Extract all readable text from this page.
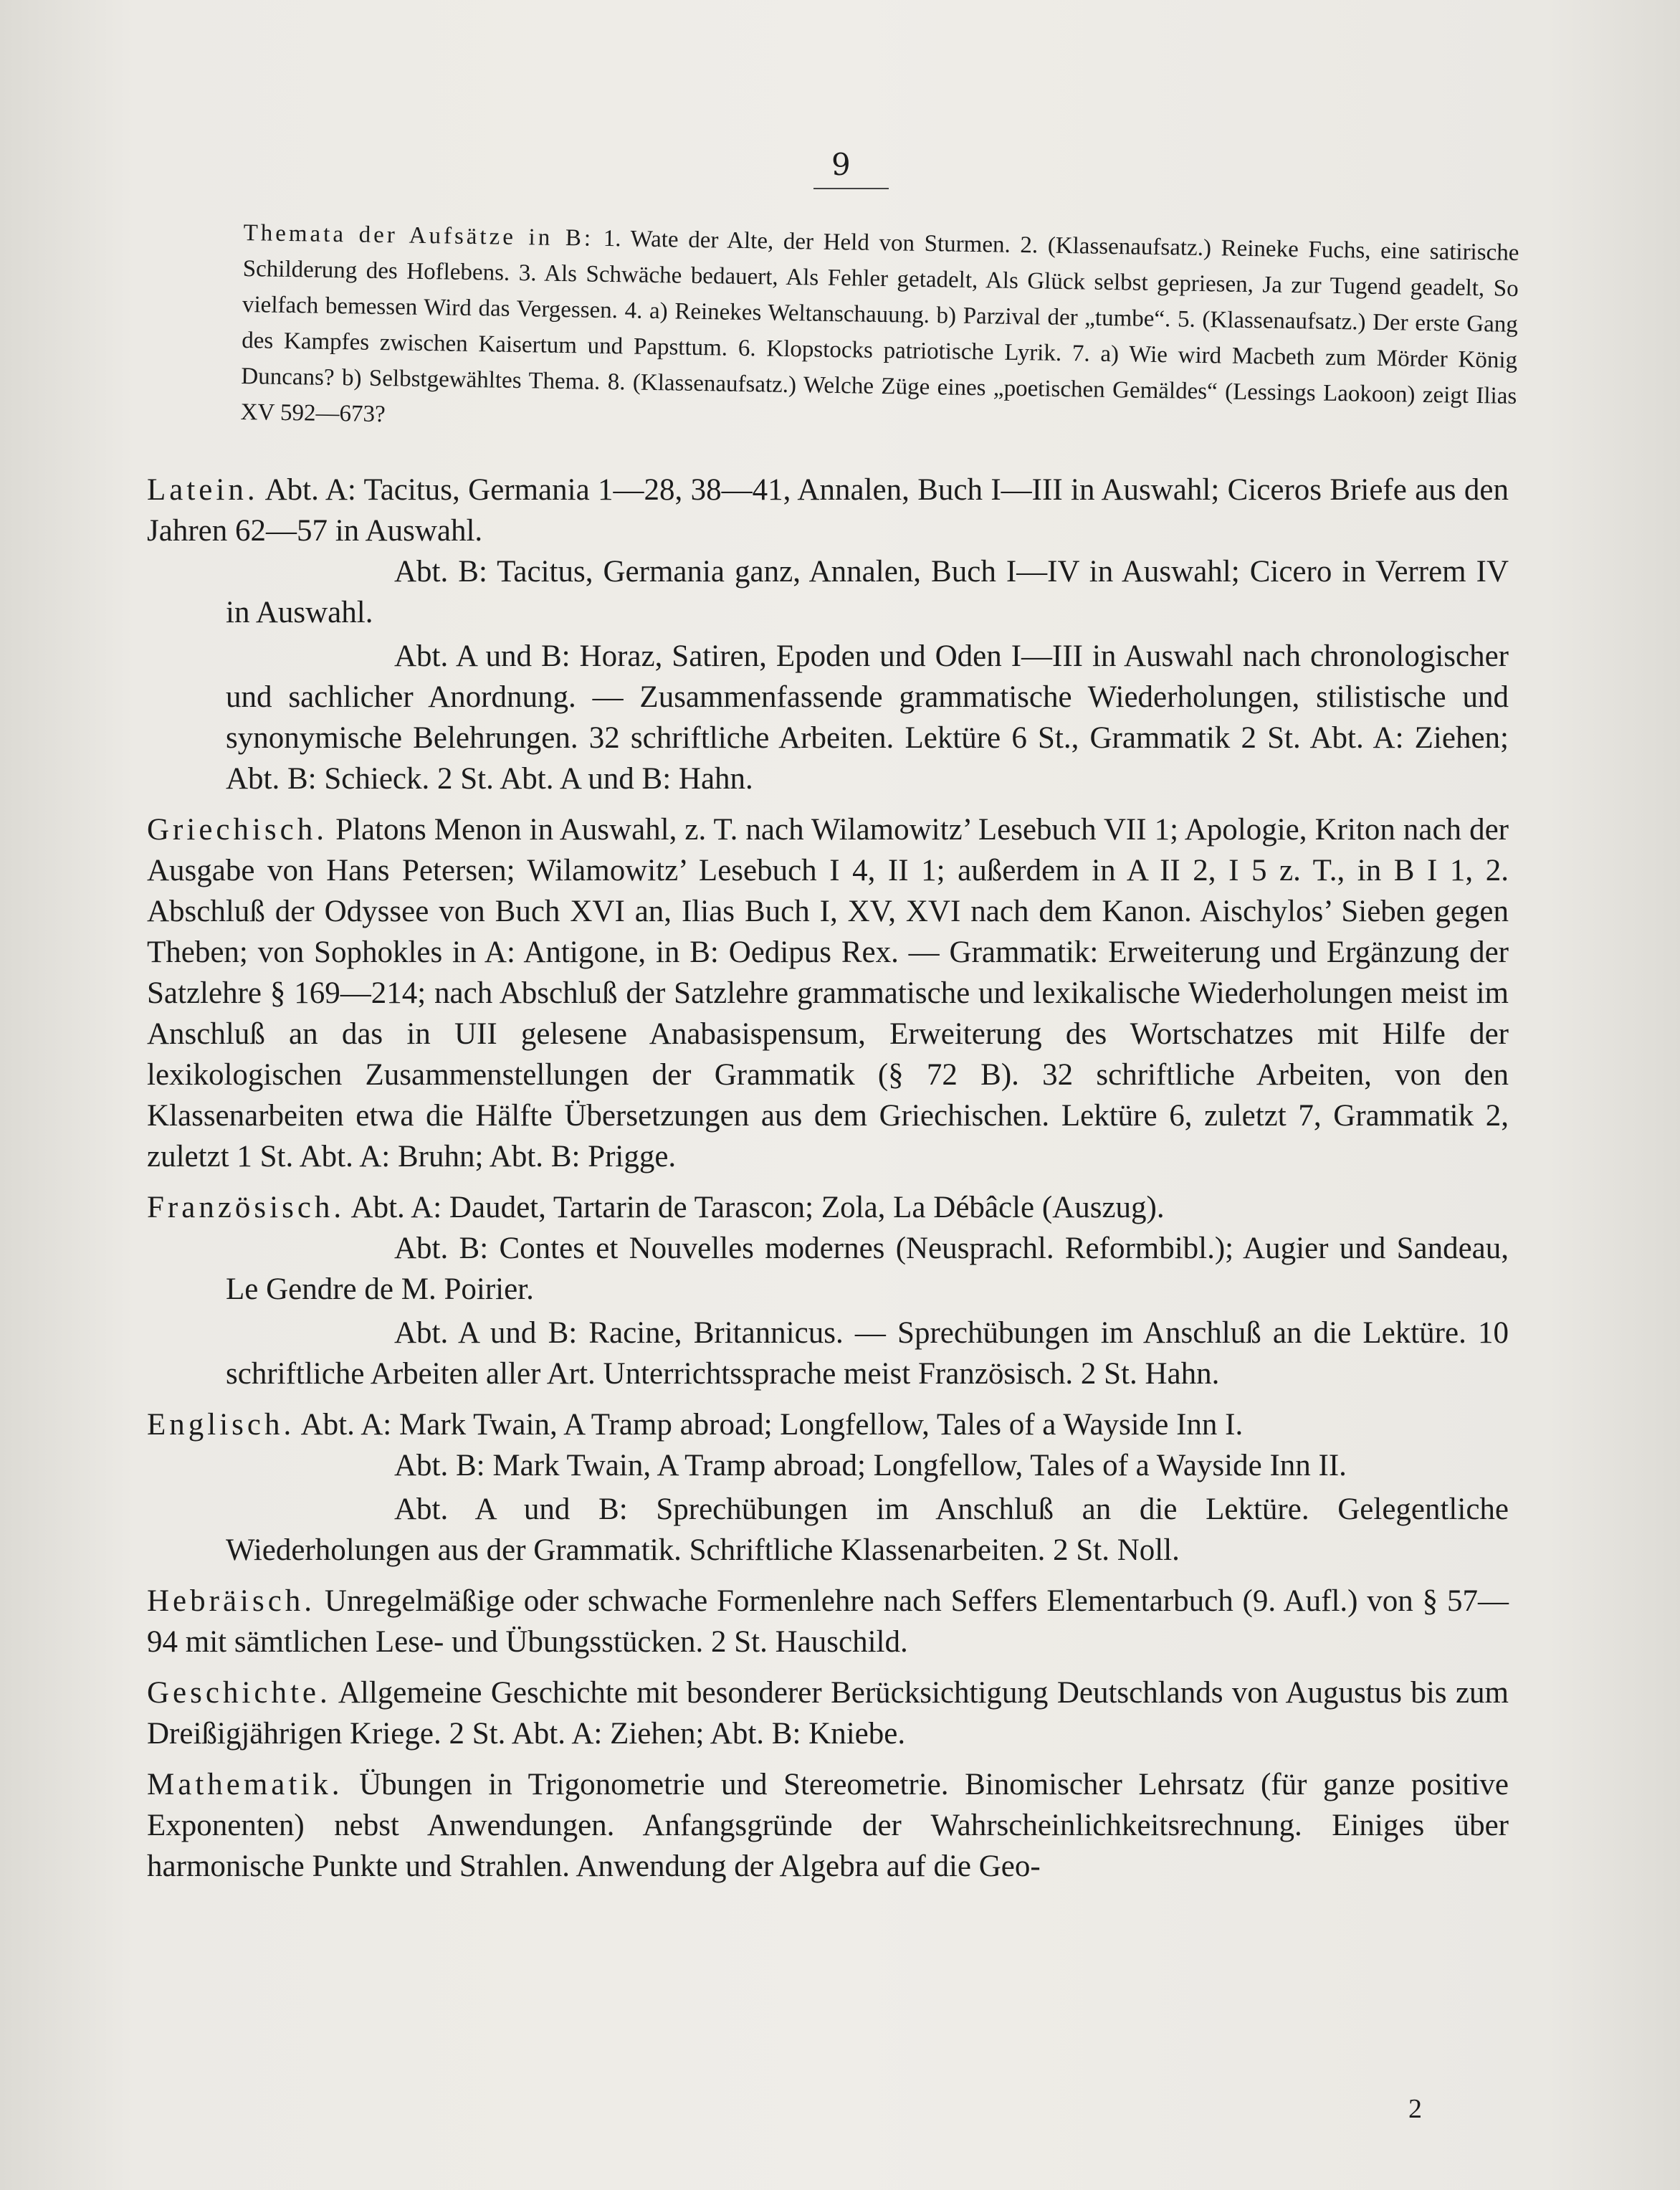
9
Themata der Aufsätze in B: 1. Wate der Alte, der Held von Sturmen. 2. (Klassenaufsatz.) Reineke Fuchs, eine satirische Schilderung des Hoflebens. 3. Als Schwäche bedauert, Als Fehler getadelt, Als Glück selbst gepriesen, Ja zur Tugend geadelt, So vielfach bemessen Wird das Vergessen. 4. a) Reinekes Weltanschauung. b) Parzival der „tumbe“. 5. (Klassenaufsatz.) Der erste Gang des Kampfes zwischen Kaisertum und Papsttum. 6. Klopstocks patriotische Lyrik. 7. a) Wie wird Macbeth zum Mörder König Duncans? b) Selbstgewähltes Thema. 8. (Klassenaufsatz.) Welche Züge eines „poetischen Gemäldes“ (Lessings Laokoon) zeigt Ilias XV 592—673?
Latein. Abt. A: Tacitus, Germania 1—28, 38—41, Annalen, Buch I—III in Auswahl; Ciceros Briefe aus den Jahren 62—57 in Auswahl.
Abt. B: Tacitus, Germania ganz, Annalen, Buch I—IV in Auswahl; Cicero in Verrem IV in Auswahl.
Abt. A und B: Horaz, Satiren, Epoden und Oden I—III in Auswahl nach chronologischer und sachlicher Anordnung. — Zusammenfassende grammatische Wiederholungen, stilistische und synonymische Belehrungen. 32 schriftliche Arbeiten. Lektüre 6 St., Grammatik 2 St. Abt. A: Ziehen; Abt. B: Schieck. 2 St. Abt. A und B: Hahn.
Griechisch. Platons Menon in Auswahl, z. T. nach Wilamowitz’ Lesebuch VII 1; Apologie, Kriton nach der Ausgabe von Hans Petersen; Wilamowitz’ Lesebuch I 4, II 1; außerdem in A II 2, I 5 z. T., in B I 1, 2. Abschluß der Odyssee von Buch XVI an, Ilias Buch I, XV, XVI nach dem Kanon. Aischylos’ Sieben gegen Theben; von Sophokles in A: Antigone, in B: Oedipus Rex. — Grammatik: Erweiterung und Ergänzung der Satzlehre § 169—214; nach Abschluß der Satzlehre grammatische und lexikalische Wiederholungen meist im Anschluß an das in UII gelesene Anabasispensum, Erweiterung des Wortschatzes mit Hilfe der lexikologischen Zusammenstellungen der Grammatik (§ 72 B). 32 schriftliche Arbeiten, von den Klassenarbeiten etwa die Hälfte Übersetzungen aus dem Griechischen. Lektüre 6, zuletzt 7, Grammatik 2, zuletzt 1 St. Abt. A: Bruhn; Abt. B: Prigge.
Französisch. Abt. A: Daudet, Tartarin de Tarascon; Zola, La Débâcle (Auszug).
Abt. B: Contes et Nouvelles modernes (Neusprachl. Reformbibl.); Augier und Sandeau, Le Gendre de M. Poirier.
Abt. A und B: Racine, Britannicus. — Sprechübungen im Anschluß an die Lektüre. 10 schriftliche Arbeiten aller Art. Unterrichtssprache meist Französisch. 2 St. Hahn.
Englisch. Abt. A: Mark Twain, A Tramp abroad; Longfellow, Tales of a Wayside Inn I.
Abt. B: Mark Twain, A Tramp abroad; Longfellow, Tales of a Wayside Inn II.
Abt. A und B: Sprechübungen im Anschluß an die Lektüre. Gelegentliche Wiederholungen aus der Grammatik. Schriftliche Klassenarbeiten. 2 St. Noll.
Hebräisch. Unregelmäßige oder schwache Formenlehre nach Seffers Elementarbuch (9. Aufl.) von § 57—94 mit sämtlichen Lese- und Übungsstücken. 2 St. Hauschild.
Geschichte. Allgemeine Geschichte mit besonderer Berücksichtigung Deutschlands von Augustus bis zum Dreißigjährigen Kriege. 2 St. Abt. A: Ziehen; Abt. B: Kniebe.
Mathematik. Übungen in Trigonometrie und Stereometrie. Binomischer Lehrsatz (für ganze positive Exponenten) nebst Anwendungen. Anfangsgründe der Wahrscheinlichkeitsrechnung. Einiges über harmonische Punkte und Strahlen. Anwendung der Algebra auf die Geo-
2
